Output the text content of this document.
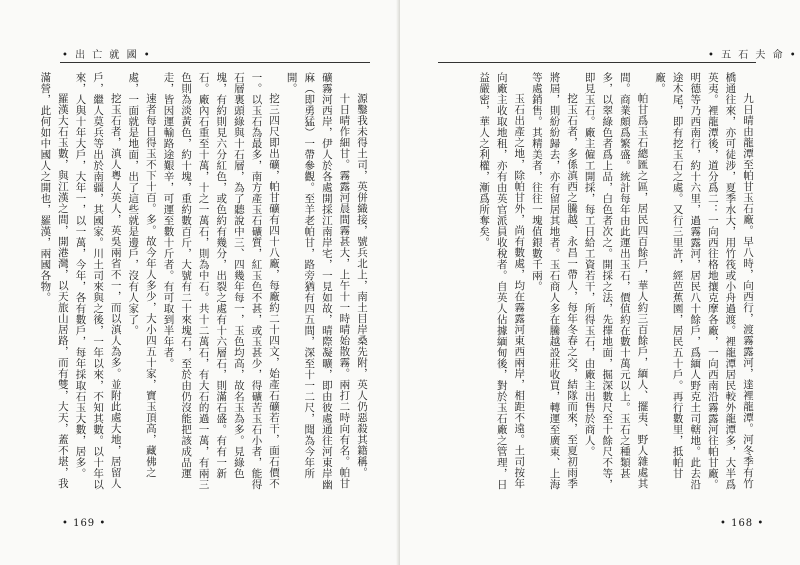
• 出 亡 就 國 •

源鑿我未得土司，英併織接，號兵北上，南土目岸桑先附，英人仍惡殺其籍稱。

十日晴作細甘。霧露河晨間霧甚大，上午十一時晴始散霧。兩打二時向有名。帕甘礦霧河西岸，伊人於各處開採江南岸宅，一見如故，晴際凝曠，即由彼處通往河東岸幽麻（即勇猛）一帶參觀。至羊老帕甘，路旁猶有四五間，深至十一二尺，聞為今年所開。

挖三四尺即出礦，帕甘礦有四十八廠，每廠約二十四文，始產石礦若干，面石價不一。以玉石為最多，南方產玉石礦質，紅玉色不甚，或玉甚少，得礦苦玉石小者，能得石層裏頭綠與十石層，為了聽說中三、四幾年每一，玉色均高，故名玉為多。見綠色塊，有約則見六分紅色，或色約有幾分，出裂之處有十六層石，則滿石盛。有有一新石。廠內石重至十萬，十之一萬石，則為中石。共十二萬石，有大石的過一萬，有兩三色則為淡黃色，約十塊，重約數百斤，大號有二十來塊石，至於由仍沒能把該成品運走，皆因運輸路途艱辛，可運至數十斤者。有可取到半年者。

速者每日得玉不下十百。多。故今年人多少，大小四五十家，寶玉頂高，藏佛之處，一面就是地面，出了這些就是邊戶，沒有人家了。

挖玉石者，滇人粵人英人，英吳兩省不一，而以滇人為多。並附此處大地，居留人戶，繼人莫兵等出於南疆，其國家。川土司來與之後，一年以來，不知其數。以十年以來，人與十年大戶，大年一，以一萬，今年，各有數戶，每年採取石玉大數，居多。

羅漢大石玉數，與江漢之間，開港灣，以天旅山居路，而有雙，大天，蓋不堪，我滿營，此何如中國人之開也，羅漢，兩國各物。

• 169 •
• 五 石 夫 命 •

九日晴由龍潭至帕甘玉石廠。早八時，向西行，渡霧露河，達裡龍潭。河冬季有竹橋通往來，亦可徒涉，夏季水大，用竹筏或小舟過渡。裡龍潭居民較外龍潭多，大半爲英夷。裡龍潭後，道分爲二：一向西往格地攘克摩各廠，一向西南沿霧露河往帕甘廠。明德等乃西南行，約十六里，過霧露河，居民八十餘戶，爲緬人野克土司轄地。此去沿途木尾，即有挖玉石之處。又行三里許，經芭蕉園，居民五十戶。再行數里，抵帕甘廠。

帕甘爲玉石總匯之區，居民四百餘戶，華人約三百餘戶，緬人、擺夷、野人雜處其間。商業頗爲繁盛。統計每年由此運出玉石，價值約在數十萬元以上。玉石之種類甚多，以翠綠色者爲上品，白色者次之。開採之法，先擇地面，掘深數尺至十餘尺不等，即見玉石。廠主僱工開採，每工日給工資若干，所得玉石，由廠主出售於商人。

挖玉石者，多係滇西之騰越、永昌一帶人，每年冬春之交，結隊而來，至夏初雨季將屆，則紛紛歸去，亦有留居其地者。玉石商人多在騰越設莊收買，轉運至廣東、上海等處銷售。其精美者，往往一塊值銀數千兩。

玉石出產之地，除帕甘外，尚有數處，均在霧露河東西兩岸，相距不遠。土司按年向廠主收取地租，亦有由英官派員收稅者。自英人佔據緬甸後，對於玉石廠之管理，日益嚴密，華人之利權，漸爲所奪矣。

• 168 •
